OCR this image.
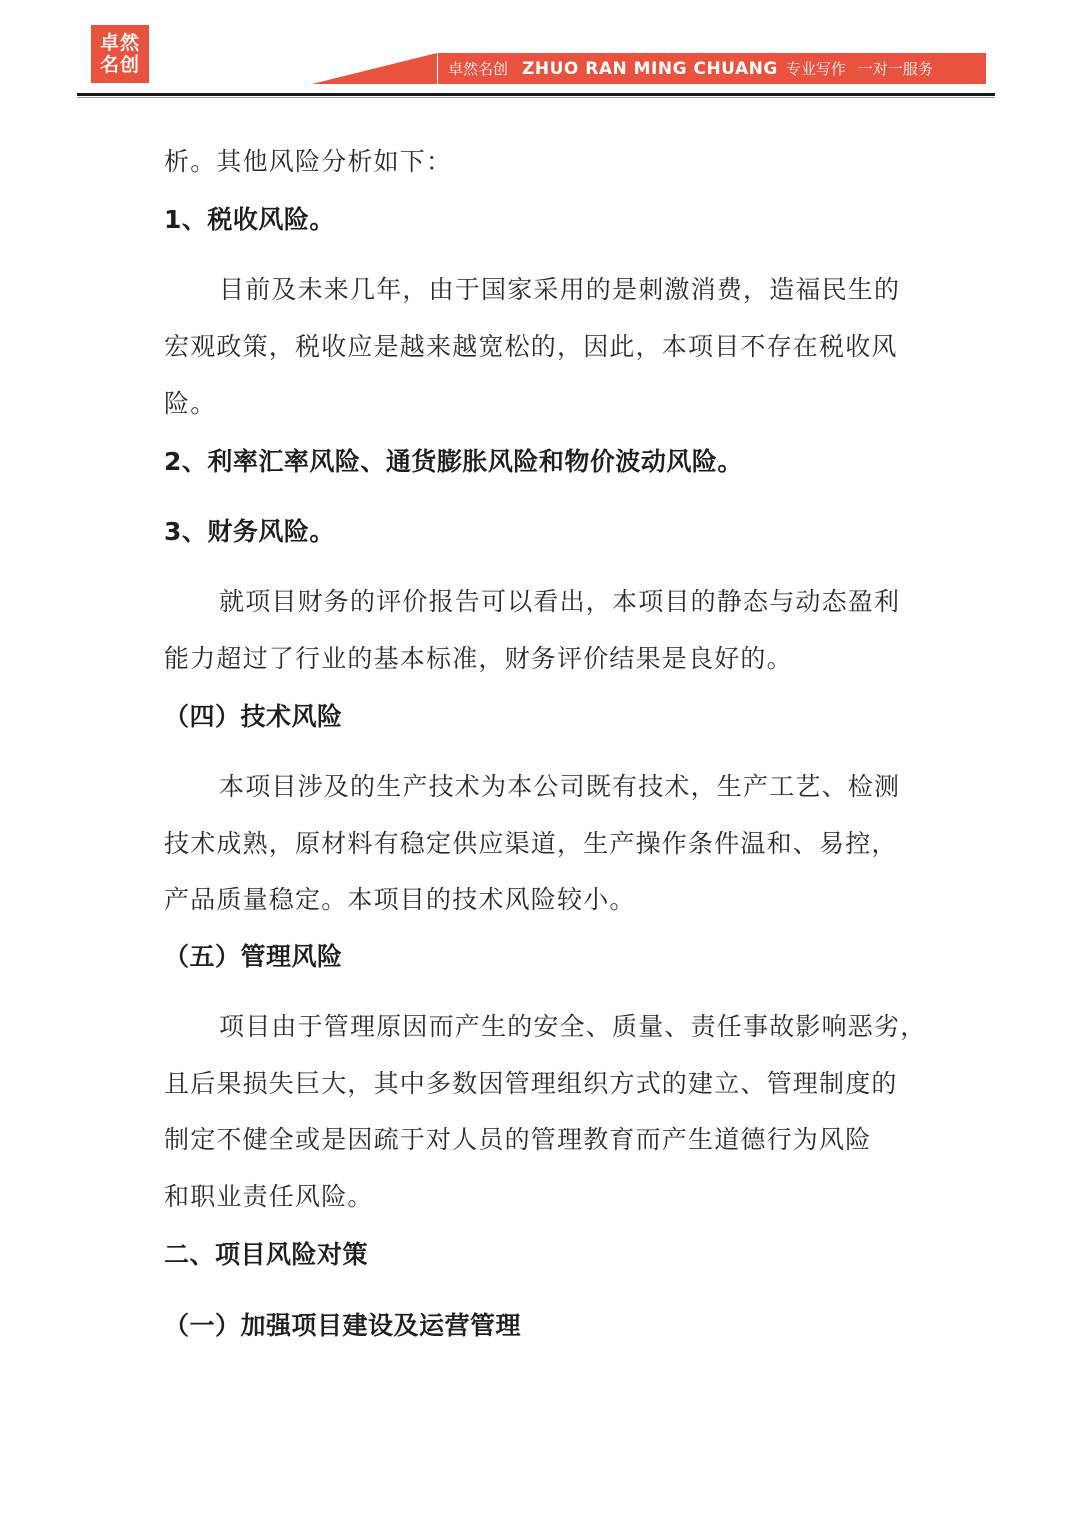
卓然
名创	卓然名创 ZHUO RAN MING CHUANG 专业写作 一对一服务
析。其他风险分析如下：
1、税收风险。
目前及未来几年，由于国家采用的是刺激消费，造福民生的
宏观政策，税收应是越来越宽松的，因此，本项目不存在税收风
险。
2、利率汇率风险、通货膨胀风险和物价波动风险。
3、财务风险。
就项目财务的评价报告可以看出，本项目的静态与动态盈利
能力超过了行业的基本标准，财务评价结果是良好的。
（四）技术风险
本项目涉及的生产技术为本公司既有技术，生产工艺、检测
技术成熟，原材料有稳定供应渠道，生产操作条件温和、易控，
产品质量稳定。本项目的技术风险较小。
（五）管理风险
项目由于管理原因而产生的安全、质量、责任事故影响恶劣，
且后果损失巨大，其中多数因管理组织方式的建立、管理制度的
制定不健全或是因疏于对人员的管理教育而产生道德行为风险
和职业责任风险。
二、项目风险对策
（一）加强项目建设及运营管理
